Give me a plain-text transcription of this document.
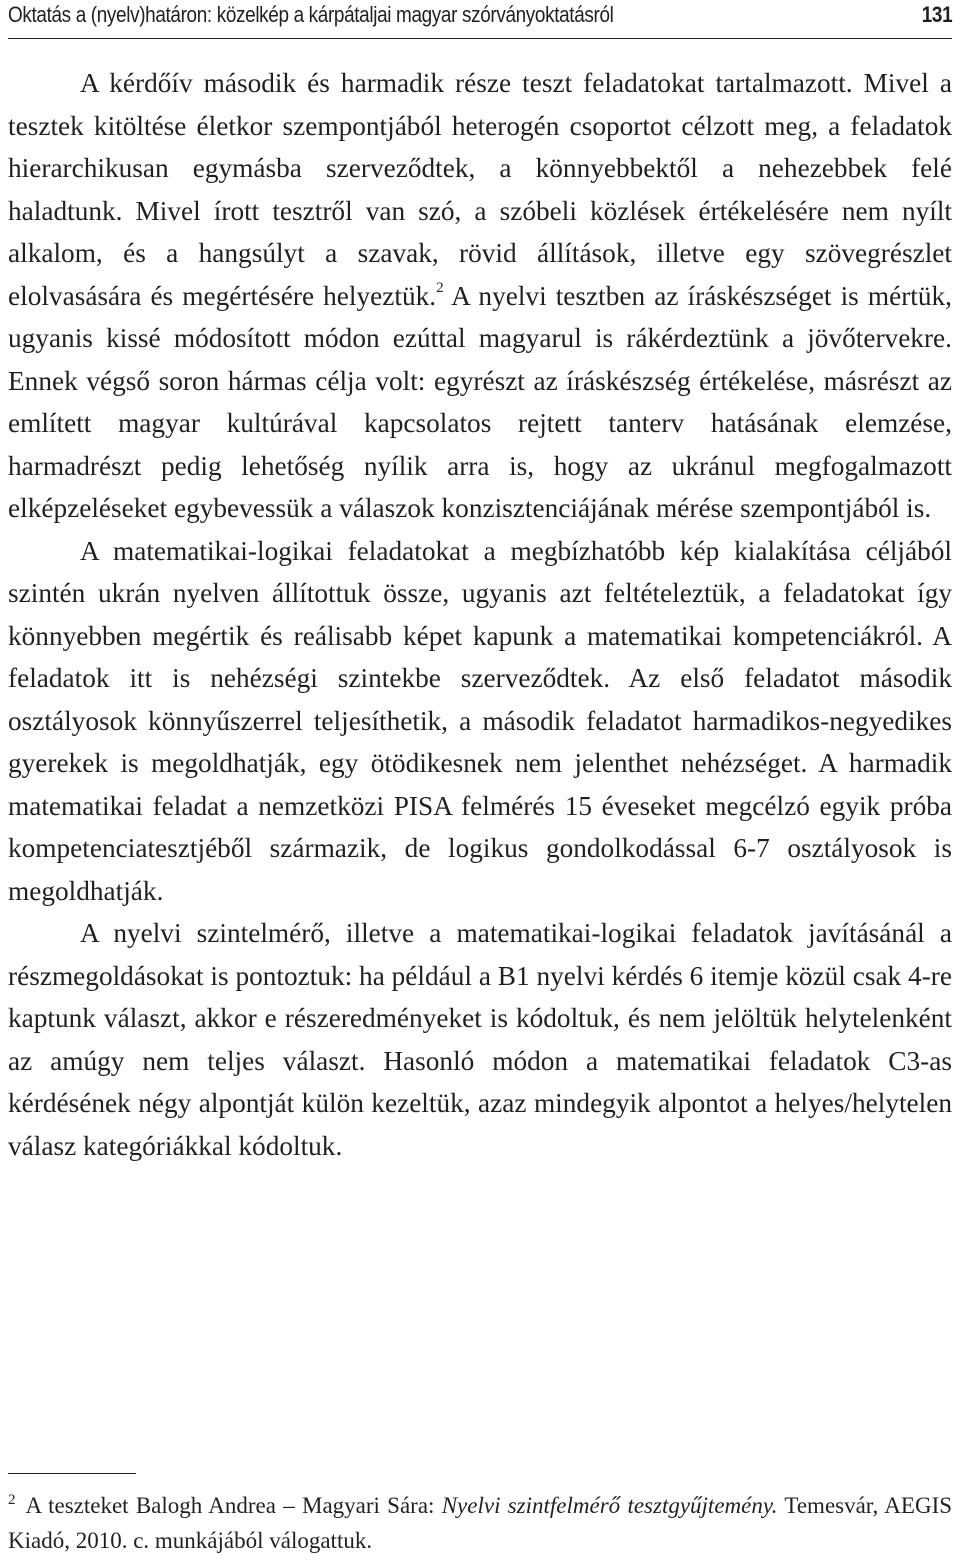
Oktatás a (nyelv)határon: közelkép a kárpátaljai magyar szórványoktatásról	131

A kérdőív második és harmadik része teszt feladatokat tartalmazott. Mivel a tesztek kitöltése életkor szempontjából heterogén csoportot célzott meg, a feladatok hierarchikusan egymásba szerveződtek, a könnyebbektől a nehezebbek felé haladtunk. Mivel írott tesztről van szó, a szóbeli közlések értékelésére nem nyílt alkalom, és a hangsúlyt a szavak, rövid állítások, illetve egy szövegrészlet elolvasására és megértésére helyeztük.$^2$ A nyelvi tesztben az íráskészséget is mértük, ugyanis kissé módosított módon ezúttal magyarul is rákérdeztünk a jövőtervekre. Ennek végső soron hármas célja volt: egyrészt az íráskészség értékelése, másrészt az említett magyar kultúrával kapcsolatos rejtett tanterv hatásának elemzése, harmadrészt pedig lehetőség nyílik arra is, hogy az ukránul megfogalmazott elképzeléseket egybevessük a válaszok konzisztenciájának mérése szempontjából is.

A matematikai-logikai feladatokat a megbízhatóbb kép kialakítása céljából szintén ukrán nyelven állítottuk össze, ugyanis azt feltételeztük, a feladatokat így könnyebben megértik és reálisabb képet kapunk a matematikai kompetenciákról. A feladatok itt is nehézségi szintekbe szerveződtek. Az első feladatot második osztályosok könnyűszerrel teljesíthetik, a második feladatot harmadikos-negyedikes gyerekek is megoldhatják, egy ötödikesnek nem jelenthet nehézséget. A harmadik matematikai feladat a nemzetközi PISA felmérés 15 éveseket megcélzó egyik próba kompetenciatesztjéből származik, de logikus gondolkodással 6-7 osztályosok is megoldhatják.

A nyelvi szintelmérő, illetve a matematikai-logikai feladatok javításánál a részmegoldásokat is pontoztuk: ha például a B1 nyelvi kérdés 6 itemje közül csak 4-re kaptunk választ, akkor e részeredményeket is kódoltuk, és nem jelöltük helytelenként az amúgy nem teljes választ. Hasonló módon a matematikai feladatok C3-as kérdésének négy alpontját külön kezeltük, azaz mindegyik alpontot a helyes/helytelen válasz kategóriákkal kódoltuk.

$^2$ A teszteket Balogh Andrea – Magyari Sára: Nyelvi szintfelmérő tesztgyűjtemény. Temesvár, AEGIS Kiadó, 2010. c. munkájából válogattuk.
